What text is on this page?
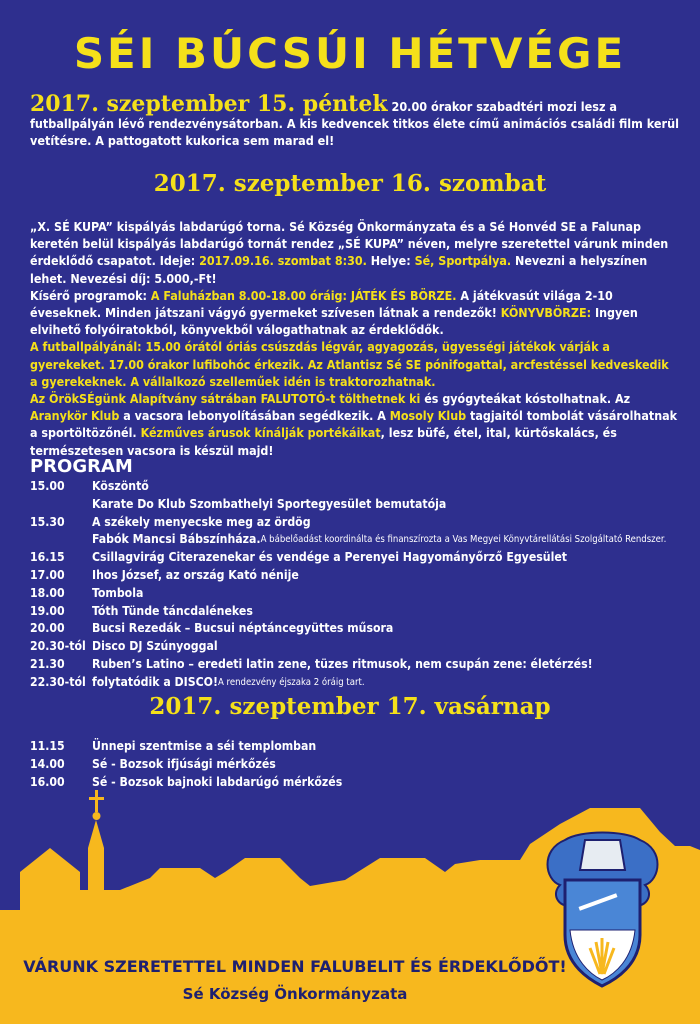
SÉI BÚCSÚI HÉTVÉGE
2017. szeptember 15. péntek 20.00 órakor szabadtéri mozi lesz a futballpályán lévő rendezvénysátorban. A kis kedvencek titkos élete című animációs családi film kerül vetítésre. A pattogatott kukorica sem marad el!
2017. szeptember 16. szombat

„X. SÉ KUPA” kispályás labdarúgó torna. Sé Község Önkormányzata és a Sé Honvéd SE a Falunap keretén belül kispályás labdarúgó tornát rendez „SÉ KUPA” néven, melyre szeretettel várunk minden érdeklődő csapatot. Ideje: 2017.09.16. szombat 8:30. Helye: Sé, Sportpálya. Nevezni a helyszínen lehet. Nevezési díj: 5.000,-Ft!

Kísérő programok: A Faluházban 8.00-18.00 óráig: JÁTÉK ÉS BÖRZE. A játékvasút világa 2-10 éveseknek. Minden játszani vágyó gyermeket szívesen látnak a rendezők! KÖNYVBÖRZE: Ingyen elvihető folyóiratokból, könyvekből válogathatnak az érdeklődők.

A futballpályánál: 15.00 órától óriás csúszdás légvár, agyagozás, ügyességi játékok várják a gyerekeket. 17.00 órakor lufibohóc érkezik. Az Atlantisz Sé SE pónifogattal, arcfestéssel kedveskedik a gyerekeknek. A vállalkozó szelleműek idén is traktorozhatnak.

Az ÖrökSÉgünk Alapítvány sátrában FALUTOTÓ-t tölthetnek ki és gyógyteákat kóstolhatnak. Az Aranykör Klub a vacsora lebonyolításában segédkezik. A Mosoly Klub tagjaitól tombolát vásárolhatnak a sportöltözőnél. Kézműves árusok kínálják portékáikat, lesz büfé, étel, ital, kürtőskalács, és természetesen vacsora is készül majd!

PROGRAM
15.00	Köszöntő
Karate Do Klub Szombathelyi Sportegyesület bemutatója
15.30	A székely menyecske meg az ördög
Fabók Mancsi Bábszínháza. A bábelőadást koordinálta és finanszírozta a Vas Megyei Könyvtárellátási Szolgáltató Rendszer.
16.15	Csillagvirág Citerazenekar és vendége a Perenyei Hagyományőrző Egyesület
17.00	Ihos József, az ország Kató nénije
18.00	Tombola
19.00	Tóth Tünde táncdalénekes
20.00	Bucsi Rezedák – Bucsui néptáncegyüttes műsora
20.30-tól Disco DJ Szúnyoggal
21.30	Ruben’s Latino – eredeti latin zene, tüzes ritmusok, nem csupán zene: életérzés!
22.30-tól folytatódik a DISCO! A rendezvény éjszaka 2 óráig tart.
2017. szeptember 17. vasárnap
11.15	Ünnepi szentmise a séi templomban
14.00	Sé - Bozsok ifjúsági mérkőzés
16.00	Sé - Bozsok bajnoki labdarúgó mérkőzés
VÁRUNK SZERETETTEL MINDEN FALUBELIT ÉS ÉRDEKLŐDŐT!
Sé Község Önkormányzata
